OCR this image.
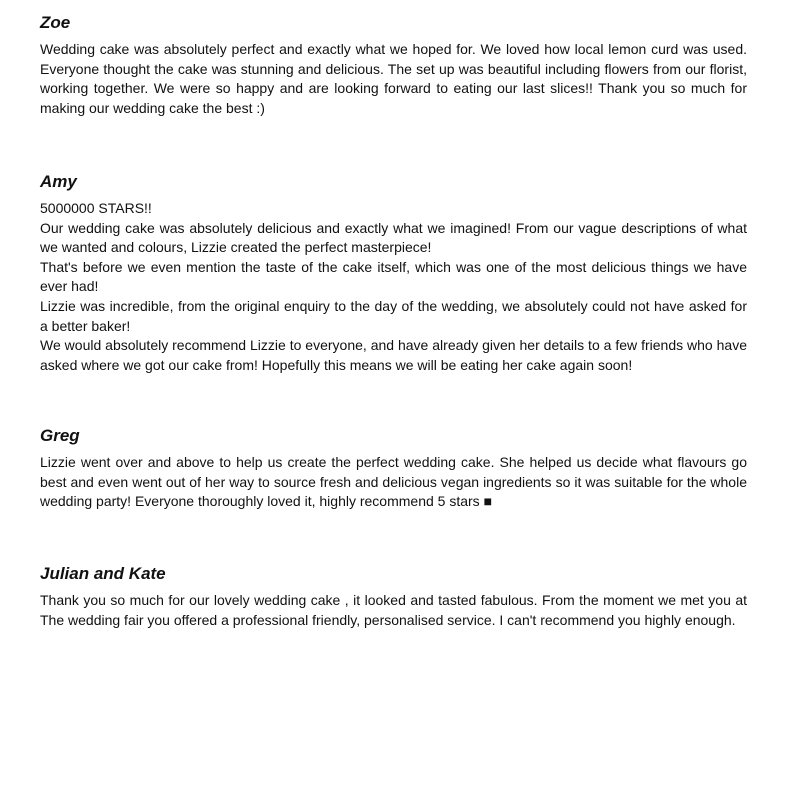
Zoe

Wedding cake was absolutely perfect and exactly what we hoped for. We loved how local lemon curd was used. Everyone thought the cake was stunning and delicious. The set up was beautiful including flowers from our florist, working together. We were so happy and are looking forward to eating our last slices!! Thank you so much for making our wedding cake the best :)

Amy

5000000 STARS!!

Our wedding cake was absolutely delicious and exactly what we imagined! From our vague descriptions of what we wanted and colours, Lizzie created the perfect masterpiece!

That's before we even mention the taste of the cake itself, which was one of the most delicious things we have ever had!

Lizzie was incredible, from the original enquiry to the day of the wedding, we absolutely could not have asked for a better baker!

We would absolutely recommend Lizzie to everyone, and have already given her details to a few friends who have asked where we got our cake from! Hopefully this means we will be eating her cake again soon!

Greg

Lizzie went over and above to help us create the perfect wedding cake. She helped us decide what flavours go best and even went out of her way to source fresh and delicious vegan ingredients so it was suitable for the whole wedding party! Everyone thoroughly loved it, highly recommend 5 stars ■

Julian and Kate

Thank you so much for our lovely wedding cake , it looked and tasted fabulous. From the moment we met you at The wedding fair you offered a professional friendly, personalised service. I can't recommend you highly enough.
